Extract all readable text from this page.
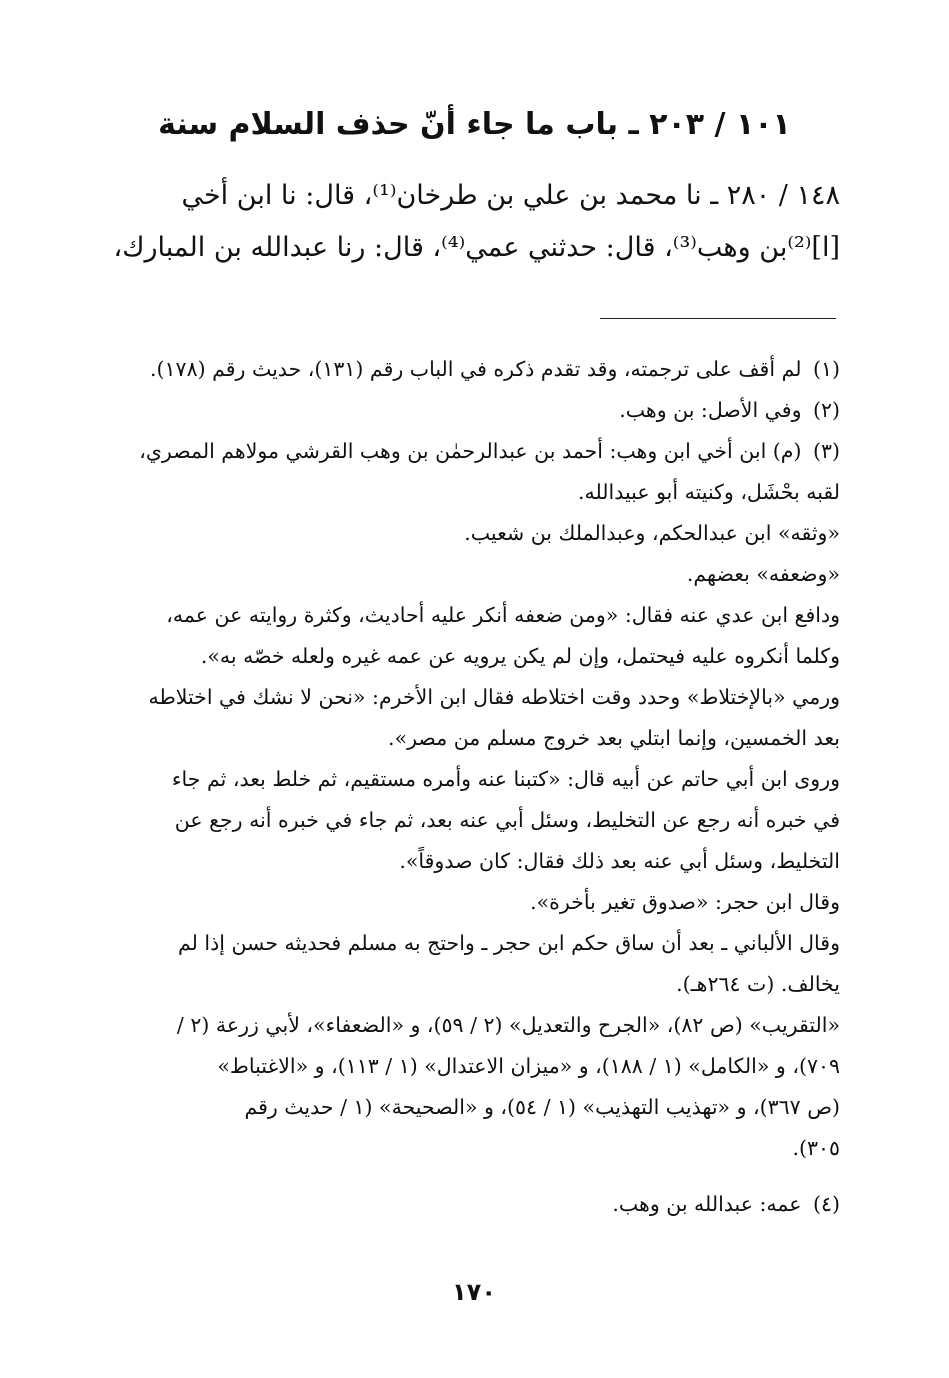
١٠١ / ٢٠٣ ـ باب ما جاء أنّ حذف السلام سنة
١٤٨ / ٢٨٠ ـ نا محمد بن علي بن طرخان⁽¹⁾، قال: نا ابن أخي
[ا]⁽²⁾بن وهب⁽³⁾، قال: حدثني عمي⁽⁴⁾، قال: رنا عبدالله بن المبارك،
(١) لم أقف على ترجمته، وقد تقدم ذكره في الباب رقم (١٣١)، حديث رقم (١٧٨).
(٢) وفي الأصل: بن وهب.
(٣) (م) ابن أخي ابن وهب: أحمد بن عبدالرحمٰن بن وهب القرشي مولاهم المصري،
لقبه بحْشَل، وكنيته أبو عبيدالله.
«وثقه» ابن عبدالحكم، وعبدالملك بن شعيب.
«وضعفه» بعضهم.
ودافع ابن عدي عنه فقال: «ومن ضعفه أنكر عليه أحاديث، وكثرة روايته عن عمه،
وكلما أنكروه عليه فيحتمل، وإن لم يكن يرويه عن عمه غيره ولعله خصّه به».
ورمي «بالإختلاط» وحدد وقت اختلاطه فقال ابن الأخرم: «نحن لا نشك في اختلاطه
بعد الخمسين، وإنما ابتلي بعد خروج مسلم من مصر».
وروى ابن أبي حاتم عن أبيه قال: «كتبنا عنه وأمره مستقيم، ثم خلط بعد، ثم جاء
في خبره أنه رجع عن التخليط، وسئل أبي عنه بعد، ثم جاء في خبره أنه رجع عن
التخليط، وسئل أبي عنه بعد ذلك فقال: كان صدوقاً».
وقال ابن حجر: «صدوق تغير بأخرة».
وقال الألباني ـ بعد أن ساق حكم ابن حجر ـ واحتج به مسلم فحديثه حسن إذا لم
يخالف. (ت ٢٦٤هـ).
«التقريب» (ص ٨٢)، «الجرح والتعديل» (٢ / ٥٩)، و «الضعفاء»، لأبي زرعة (٢ /
٧٠٩)، و «الكامل» (١ / ١٨٨)، و «ميزان الاعتدال» (١ / ١١٣)، و «الاغتباط»
(ص ٣٦٧)، و «تهذيب التهذيب» (١ / ٥٤)، و «الصحيحة» (١ / حديث رقم
٣٠٥).
(٤) عمه: عبدالله بن وهب.
١٧٠
